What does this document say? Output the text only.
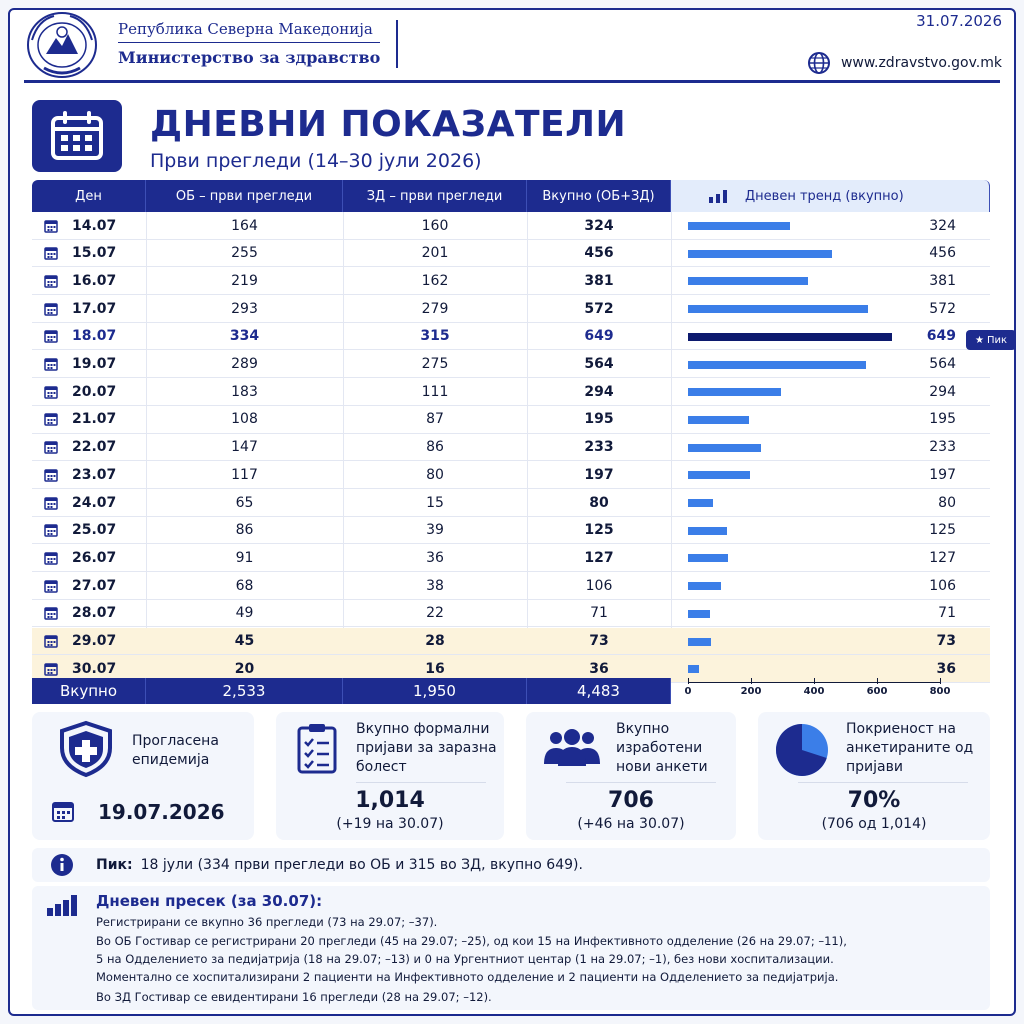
Република Северна Македонија
Министерство за здравство
31.07.2026
www.zdravstvo.gov.mk
ДНЕВНИ ПОКАЗАТЕЛИ
Први прегледи (14–30 јули 2026)
Ден	ОБ – први прегледи	ЗД – први прегледи	Вкупно (ОБ+ЗД)	Дневен тренд (вкупно)
14.07	164	160	324	324
15.07	255	201	456	456
16.07	219	162	381	381
17.07	293	279	572	572
18.07	334	315	649	649
19.07	289	275	564	564
20.07	183	111	294	294
21.07	108	87	195	195
22.07	147	86	233	233
23.07	117	80	197	197
24.07	65	15	80	80
25.07	86	39	125	125
26.07	91	36	127	127
27.07	68	38	106	106
28.07	49	22	71	71
29.07	45	28	73	73
30.07	20	16	36	36
Вкупно	2,533	1,950	4,483	0	200	400	600	800
★ Пик
Прогласена епидемија
19.07.2026
Вкупно формални пријави за заразна болест
1,014
(+19 на 30.07)
Вкупно изработени нови анкети
706
(+46 на 30.07)
Покриеност на анкетираните од пријави
70%
(706 од 1,014)
Пик: 18 јули (334 први прегледи во ОБ и 315 во ЗД, вкупно 649).
Дневен пресек (за 30.07):
Регистрирани се вкупно 36 прегледи (73 на 29.07; –37).
Во ОБ Гостивар се регистрирани 20 прегледи (45 на 29.07; –25), од кои 15 на Инфективното одделение (26 на 29.07; –11),
5 на Одделението за педијатрија (18 на 29.07; –13) и 0 на Ургентниот центар (1 на 29.07; –1), без нови хоспитализации.
Моментално се хоспитализирани 2 пациенти на Инфективното одделение и 2 пациенти на Одделението за педијатрија.
Во ЗД Гостивар се евидентирани 16 прегледи (28 на 29.07; –12).
